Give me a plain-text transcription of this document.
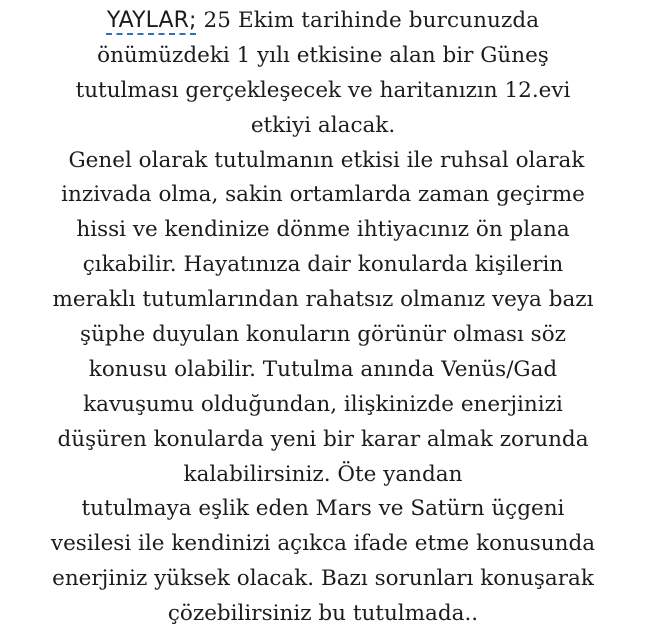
YAYLAR; 25 Ekim tarihinde burcunuzda
önümüzdeki 1 yılı etkisine alan bir Güneş
tutulması gerçekleşecek ve haritanızın 12.evi
etkiyi alacak.
Genel olarak tutulmanın etkisi ile ruhsal olarak
inzivada olma, sakin ortamlarda zaman geçirme
hissi ve kendinize dönme ihtiyacınız ön plana
çıkabilir. Hayatınıza dair konularda kişilerin
meraklı tutumlarından rahatsız olmanız veya bazı
şüphe duyulan konuların görünür olması söz
konusu olabilir. Tutulma anında Venüs/Gad
kavuşumu olduğundan, ilişkinizde enerjinizi
düşüren konularda yeni bir karar almak zorunda
kalabilirsiniz. Öte yandan
tutulmaya eşlik eden Mars ve Satürn üçgeni
vesilesi ile kendinizi açıkca ifade etme konusunda
enerjiniz yüksek olacak. Bazı sorunları konuşarak
çözebilirsiniz bu tutulmada..
